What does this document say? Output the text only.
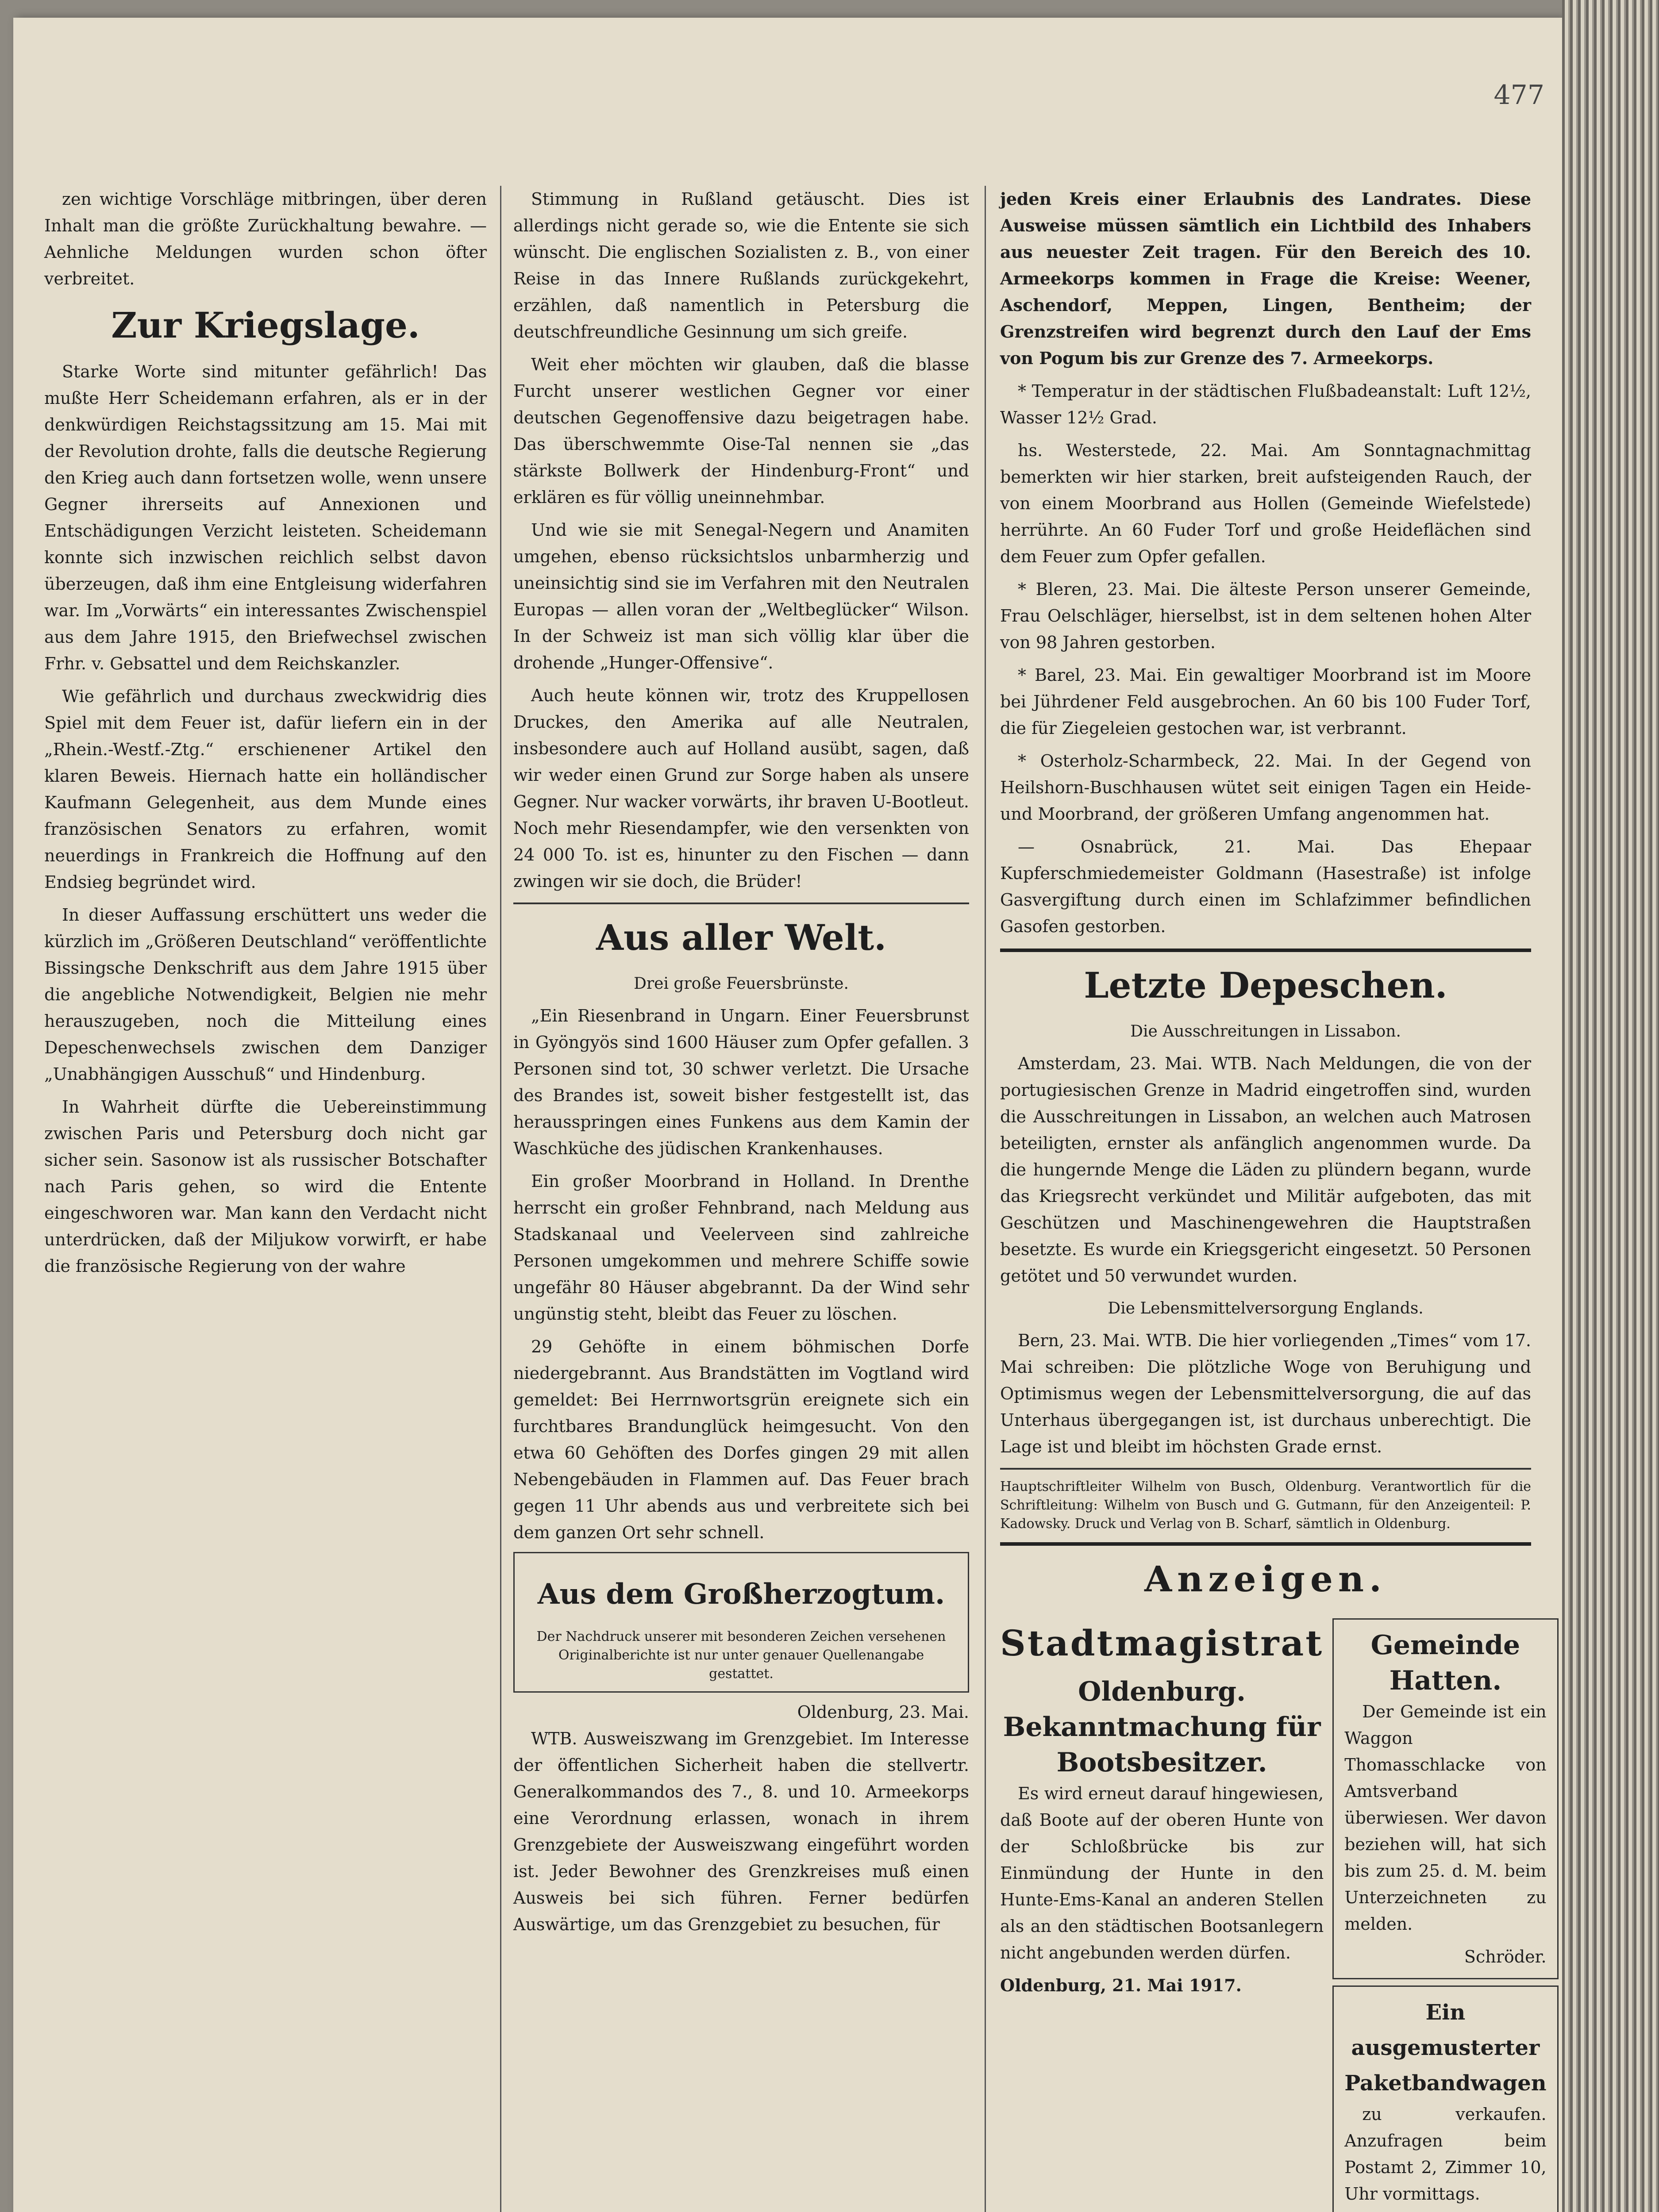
477

zen wichtige Vorschläge mitbringen, über deren Inhalt man die größte Zurückhaltung bewahre. — Aehnliche Meldungen wurden schon öfter verbreitet.

Zur Kriegslage.

Starke Worte sind mitunter gefährlich! Das mußte Herr Scheidemann erfahren, als er in der denkwürdigen Reichstagssitzung am 15. Mai mit der Revolution drohte, falls die deutsche Regierung den Krieg auch dann fortsetzen wolle, wenn unsere Gegner ihrerseits auf Annexionen und Entschädigungen Verzicht leisteten. Scheidemann konnte sich inzwischen reichlich selbst davon überzeugen, daß ihm eine Entgleisung widerfahren war. Im „Vorwärts“ ein interessantes Zwischenspiel aus dem Jahre 1915, den Briefwechsel zwischen Frhr. v. Gebsattel und dem Reichskanzler.

Wie gefährlich und durchaus zweckwidrig dies Spiel mit dem Feuer ist, dafür liefern ein in der „Rhein.-Westf.-Ztg.“ erschienener Artikel den klaren Beweis. Hiernach hatte ein holländischer Kaufmann Gelegenheit, aus dem Munde eines französischen Senators zu erfahren, womit neuerdings in Frankreich die Hoffnung auf den Endsieg begründet wird.

In dieser Auffassung erschüttert uns weder die kürzlich im „Größeren Deutschland“ veröffentlichte Bissingsche Denkschrift aus dem Jahre 1915 über die angebliche Notwendigkeit, Belgien nie mehr herauszugeben, noch die Mitteilung eines Depeschenwechsels zwischen dem Danziger „Unabhängigen Ausschuß“ und Hindenburg.

In Wahrheit dürfte die Uebereinstimmung zwischen Paris und Petersburg doch nicht gar sicher sein. Sasonow ist als russischer Botschafter nach Paris gehen, so wird die Entente eingeschworen war. Man kann den Verdacht nicht unterdrücken, daß der Miljukow vorwirft, er habe die französische Regierung von der wahre

Stimmung in Rußland getäuscht. Dies ist allerdings nicht gerade so, wie die Entente sie sich wünscht. Die englischen Sozialisten z. B., von einer Reise in das Innere Rußlands zurückgekehrt, erzählen, daß namentlich in Petersburg die deutschfreundliche Gesinnung um sich greife.

Weit eher möchten wir glauben, daß die blasse Furcht unserer westlichen Gegner vor einer deutschen Gegenoffensive dazu beigetragen habe. Das überschwemmte Oise-Tal nennen sie „das stärkste Bollwerk der Hindenburg-Front“ und erklären es für völlig uneinnehmbar.

Und wie sie mit Senegal-Negern und Anamiten umgehen, ebenso rücksichtslos unbarmherzig und uneinsichtig sind sie im Verfahren mit den Neutralen Europas — allen voran der „Weltbeglücker“ Wilson. In der Schweiz ist man sich völlig klar über die drohende „Hunger-Offensive“.

Auch heute können wir, trotz des Kruppellosen Druckes, den Amerika auf alle Neutralen, insbesondere auch auf Holland ausübt, sagen, daß wir weder einen Grund zur Sorge haben als unsere Gegner. Nur wacker vorwärts, ihr braven U-Bootleut. Noch mehr Riesendampfer, wie den versenkten von 24 000 To. ist es, hinunter zu den Fischen — dann zwingen wir sie doch, die Brüder!

Aus aller Welt.
Drei große Feuersbrünste.

„Ein Riesenbrand in Ungarn. Einer Feuersbrunst in Gyöngyös sind 1600 Häuser zum Opfer gefallen. 3 Personen sind tot, 30 schwer verletzt. Die Ursache des Brandes ist, soweit bisher festgestellt ist, das herausspringen eines Funkens aus dem Kamin der Waschküche des jüdischen Krankenhauses.

Ein großer Moorbrand in Holland. In Drenthe herrscht ein großer Fehnbrand, nach Meldung aus Stadskanaal und Veelerveen sind zahlreiche Personen umgekommen und mehrere Schiffe sowie ungefähr 80 Häuser abgebrannt. Da der Wind sehr ungünstig steht, bleibt das Feuer zu löschen.

29 Gehöfte in einem böhmischen Dorfe niedergebrannt. Aus Brandstätten im Vogtland wird gemeldet: Bei Herrnwortsgrün ereignete sich ein furchtbares Brandunglück heimgesucht. Von den etwa 60 Gehöften des Dorfes gingen 29 mit allen Nebengebäuden in Flammen auf. Das Feuer brach gegen 11 Uhr abends aus und verbreitete sich bei dem ganzen Ort sehr schnell.

Aus dem Großherzogtum.
Der Nachdruck unserer mit besonderen Zeichen versehenen Originalberichte ist nur unter genauer Quellenangabe gestattet.
Oldenburg, 23. Mai.

WTB. Ausweiszwang im Grenzgebiet. Im Interesse der öffentlichen Sicherheit haben die stellvertr. Generalkommandos des 7., 8. und 10. Armeekorps eine Verordnung erlassen, wonach in ihrem Grenzgebiete der Ausweiszwang eingeführt worden ist. Jeder Bewohner des Grenzkreises muß einen Ausweis bei sich führen. Ferner bedürfen Auswärtige, um das Grenzgebiet zu besuchen, für

jeden Kreis einer Erlaubnis des Landrates. Diese Ausweise müssen sämtlich ein Lichtbild des Inhabers aus neuester Zeit tragen. Für den Bereich des 10. Armeekorps kommen in Frage die Kreise: Weener, Aschendorf, Meppen, Lingen, Bentheim; der Grenzstreifen wird begrenzt durch den Lauf der Ems von Pogum bis zur Grenze des 7. Armeekorps.

* Temperatur in der städtischen Flußbadeanstalt: Luft 12½, Wasser 12½ Grad.

hs. Westerstede, 22. Mai. Am Sonntagnachmittag bemerkten wir hier starken, breit aufsteigenden Rauch, der von einem Moorbrand aus Hollen (Gemeinde Wiefelstede) herrührte. An 60 Fuder Torf und große Heideflächen sind dem Feuer zum Opfer gefallen.

* Bleren, 23. Mai. Die älteste Person unserer Gemeinde, Frau Oelschläger, hierselbst, ist in dem seltenen hohen Alter von 98 Jahren gestorben.

* Barel, 23. Mai. Ein gewaltiger Moorbrand ist im Moore bei Jührdener Feld ausgebrochen. An 60 bis 100 Fuder Torf, die für Ziegeleien gestochen war, ist verbrannt.

* Osterholz-Scharmbeck, 22. Mai. In der Gegend von Heilshorn-Buschhausen wütet seit einigen Tagen ein Heide- und Moorbrand, der größeren Umfang angenommen hat.

— Osnabrück, 21. Mai. Das Ehepaar Kupferschmiedemeister Goldmann (Hasestraße) ist infolge Gasvergiftung durch einen im Schlafzimmer befindlichen Gasofen gestorben.

Letzte Depeschen.
Die Ausschreitungen in Lissabon.

Amsterdam, 23. Mai. WTB. Nach Meldungen, die von der portugiesischen Grenze in Madrid eingetroffen sind, wurden die Ausschreitungen in Lissabon, an welchen auch Matrosen beteiligten, ernster als anfänglich angenommen wurde. Da die hungernde Menge die Läden zu plündern begann, wurde das Kriegsrecht verkündet und Militär aufgeboten, das mit Geschützen und Maschinengewehren die Hauptstraßen besetzte. Es wurde ein Kriegsgericht eingesetzt. 50 Personen getötet und 50 verwundet wurden.

Die Lebensmittelversorgung Englands.

Bern, 23. Mai. WTB. Die hier vorliegenden „Times“ vom 17. Mai schreiben: Die plötzliche Woge von Beruhigung und Optimismus wegen der Lebensmittelversorgung, die auf das Unterhaus übergegangen ist, ist durchaus unberechtigt. Die Lage ist und bleibt im höchsten Grade ernst.

Hauptschriftleiter Wilhelm von Busch, Oldenburg. Verantwortlich für die Schriftleitung: Wilhelm von Busch und G. Gutmann, für den Anzeigenteil: P. Kadowsky. Druck und Verlag von B. Scharf, sämtlich in Oldenburg.
Anzeigen.
Stadtmagistrat
Oldenburg.
Bekanntmachung für Bootsbesitzer.

Es wird erneut darauf hingewiesen, daß Boote auf der oberen Hunte von der Schloßbrücke bis zur Einmündung der Hunte in den Hunte-Ems-Kanal an anderen Stellen als an den städtischen Bootsanlegern nicht angebunden werden dürfen.

Oldenburg, 21. Mai 1917.
Gemeinde Hatten.

Der Gemeinde ist ein Waggon Thomasschlacke von Amtsverband überwiesen. Wer davon beziehen will, hat sich bis zum 25. d. M. beim Unterzeichneten zu melden.

Schröder.
Ein ausgemusterter Paketbandwagen

zu verkaufen. Anzufragen beim Postamt 2, Zimmer 10, Uhr vormittags.
